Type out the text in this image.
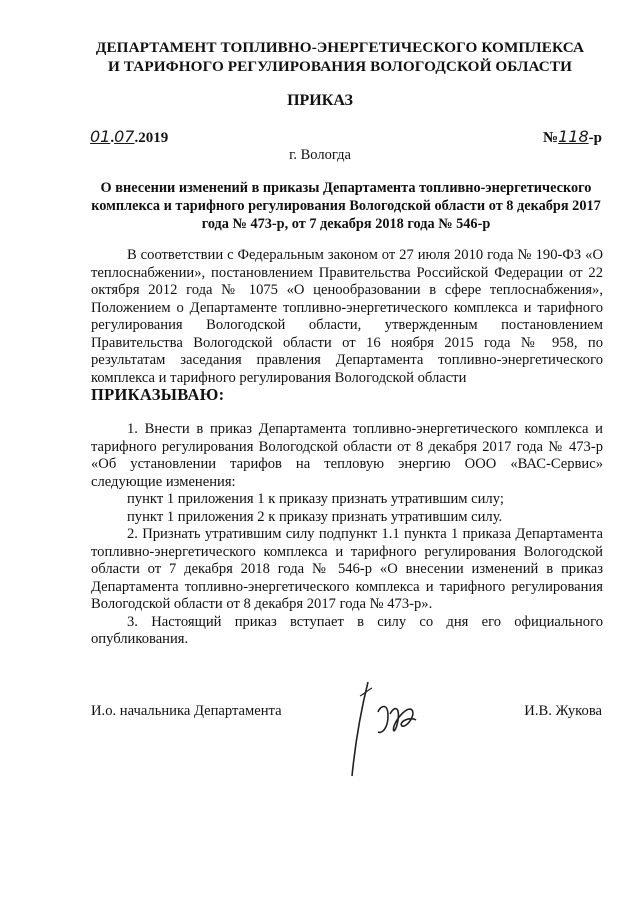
ДЕПАРТАМЕНТ ТОПЛИВНО-ЭНЕРГЕТИЧЕСКОГО КОМПЛЕКСА
И ТАРИФНОГО РЕГУЛИРОВАНИЯ ВОЛОГОДСКОЙ ОБЛАСТИ
ПРИКАЗ
01.07.2019	№118-р
г. Вологда
О внесении изменений в приказы Департамента топливно-энергетического комплекса и тарифного регулирования Вологодской области от 8 декабря 2017 года № 473-р, от 7 декабря 2018 года № 546-р
В соответствии с Федеральным законом от 27 июля 2010 года № 190-ФЗ «О теплоснабжении», постановлением Правительства Российской Федерации от 22 октября 2012 года № 1075 «О ценообразовании в сфере теплоснабжения», Положением о Департаменте топливно-энергетического комплекса и тарифного регулирования Вологодской области, утвержденным постановлением Правительства Вологодской области от 16 ноября 2015 года № 958, по результатам заседания правления Департамента топливно-энергетического комплекса и тарифного регулирования Вологодской области
ПРИКАЗЫВАЮ:
1. Внести в приказ Департамента топливно-энергетического комплекса и тарифного регулирования Вологодской области от 8 декабря 2017 года № 473-р «Об установлении тарифов на тепловую энергию ООО «ВАС-Сервис» следующие изменения:
пункт 1 приложения 1 к приказу признать утратившим силу;
пункт 1 приложения 2 к приказу признать утратившим силу.
2. Признать утратившим силу подпункт 1.1 пункта 1 приказа Департамента топливно-энергетического комплекса и тарифного регулирования Вологодской области от 7 декабря 2018 года № 546-р «О внесении изменений в приказ Департамента топливно-энергетического комплекса и тарифного регулирования Вологодской области от 8 декабря 2017 года № 473-р».
3. Настоящий приказ вступает в силу со дня его официального опубликования.
И.о. начальника Департамента	И.В. Жукова
